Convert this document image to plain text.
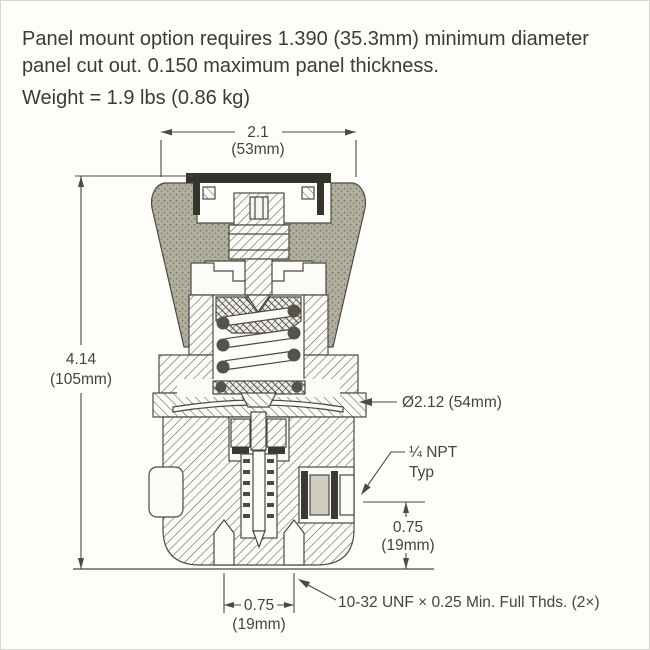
Panel mount option requires 1.390 (35.3mm) minimum diameter
panel cut out. 0.150 maximum panel thickness.
Weight = 1.9 lbs (0.86 kg)
2.1
(53mm)
4.14
(105mm)
Ø2.12 (54mm)
¼ NPT
Typ
0.75
(19mm)
0.75
(19mm)
10-32 UNF × 0.25 Min. Full Thds. (2×)
